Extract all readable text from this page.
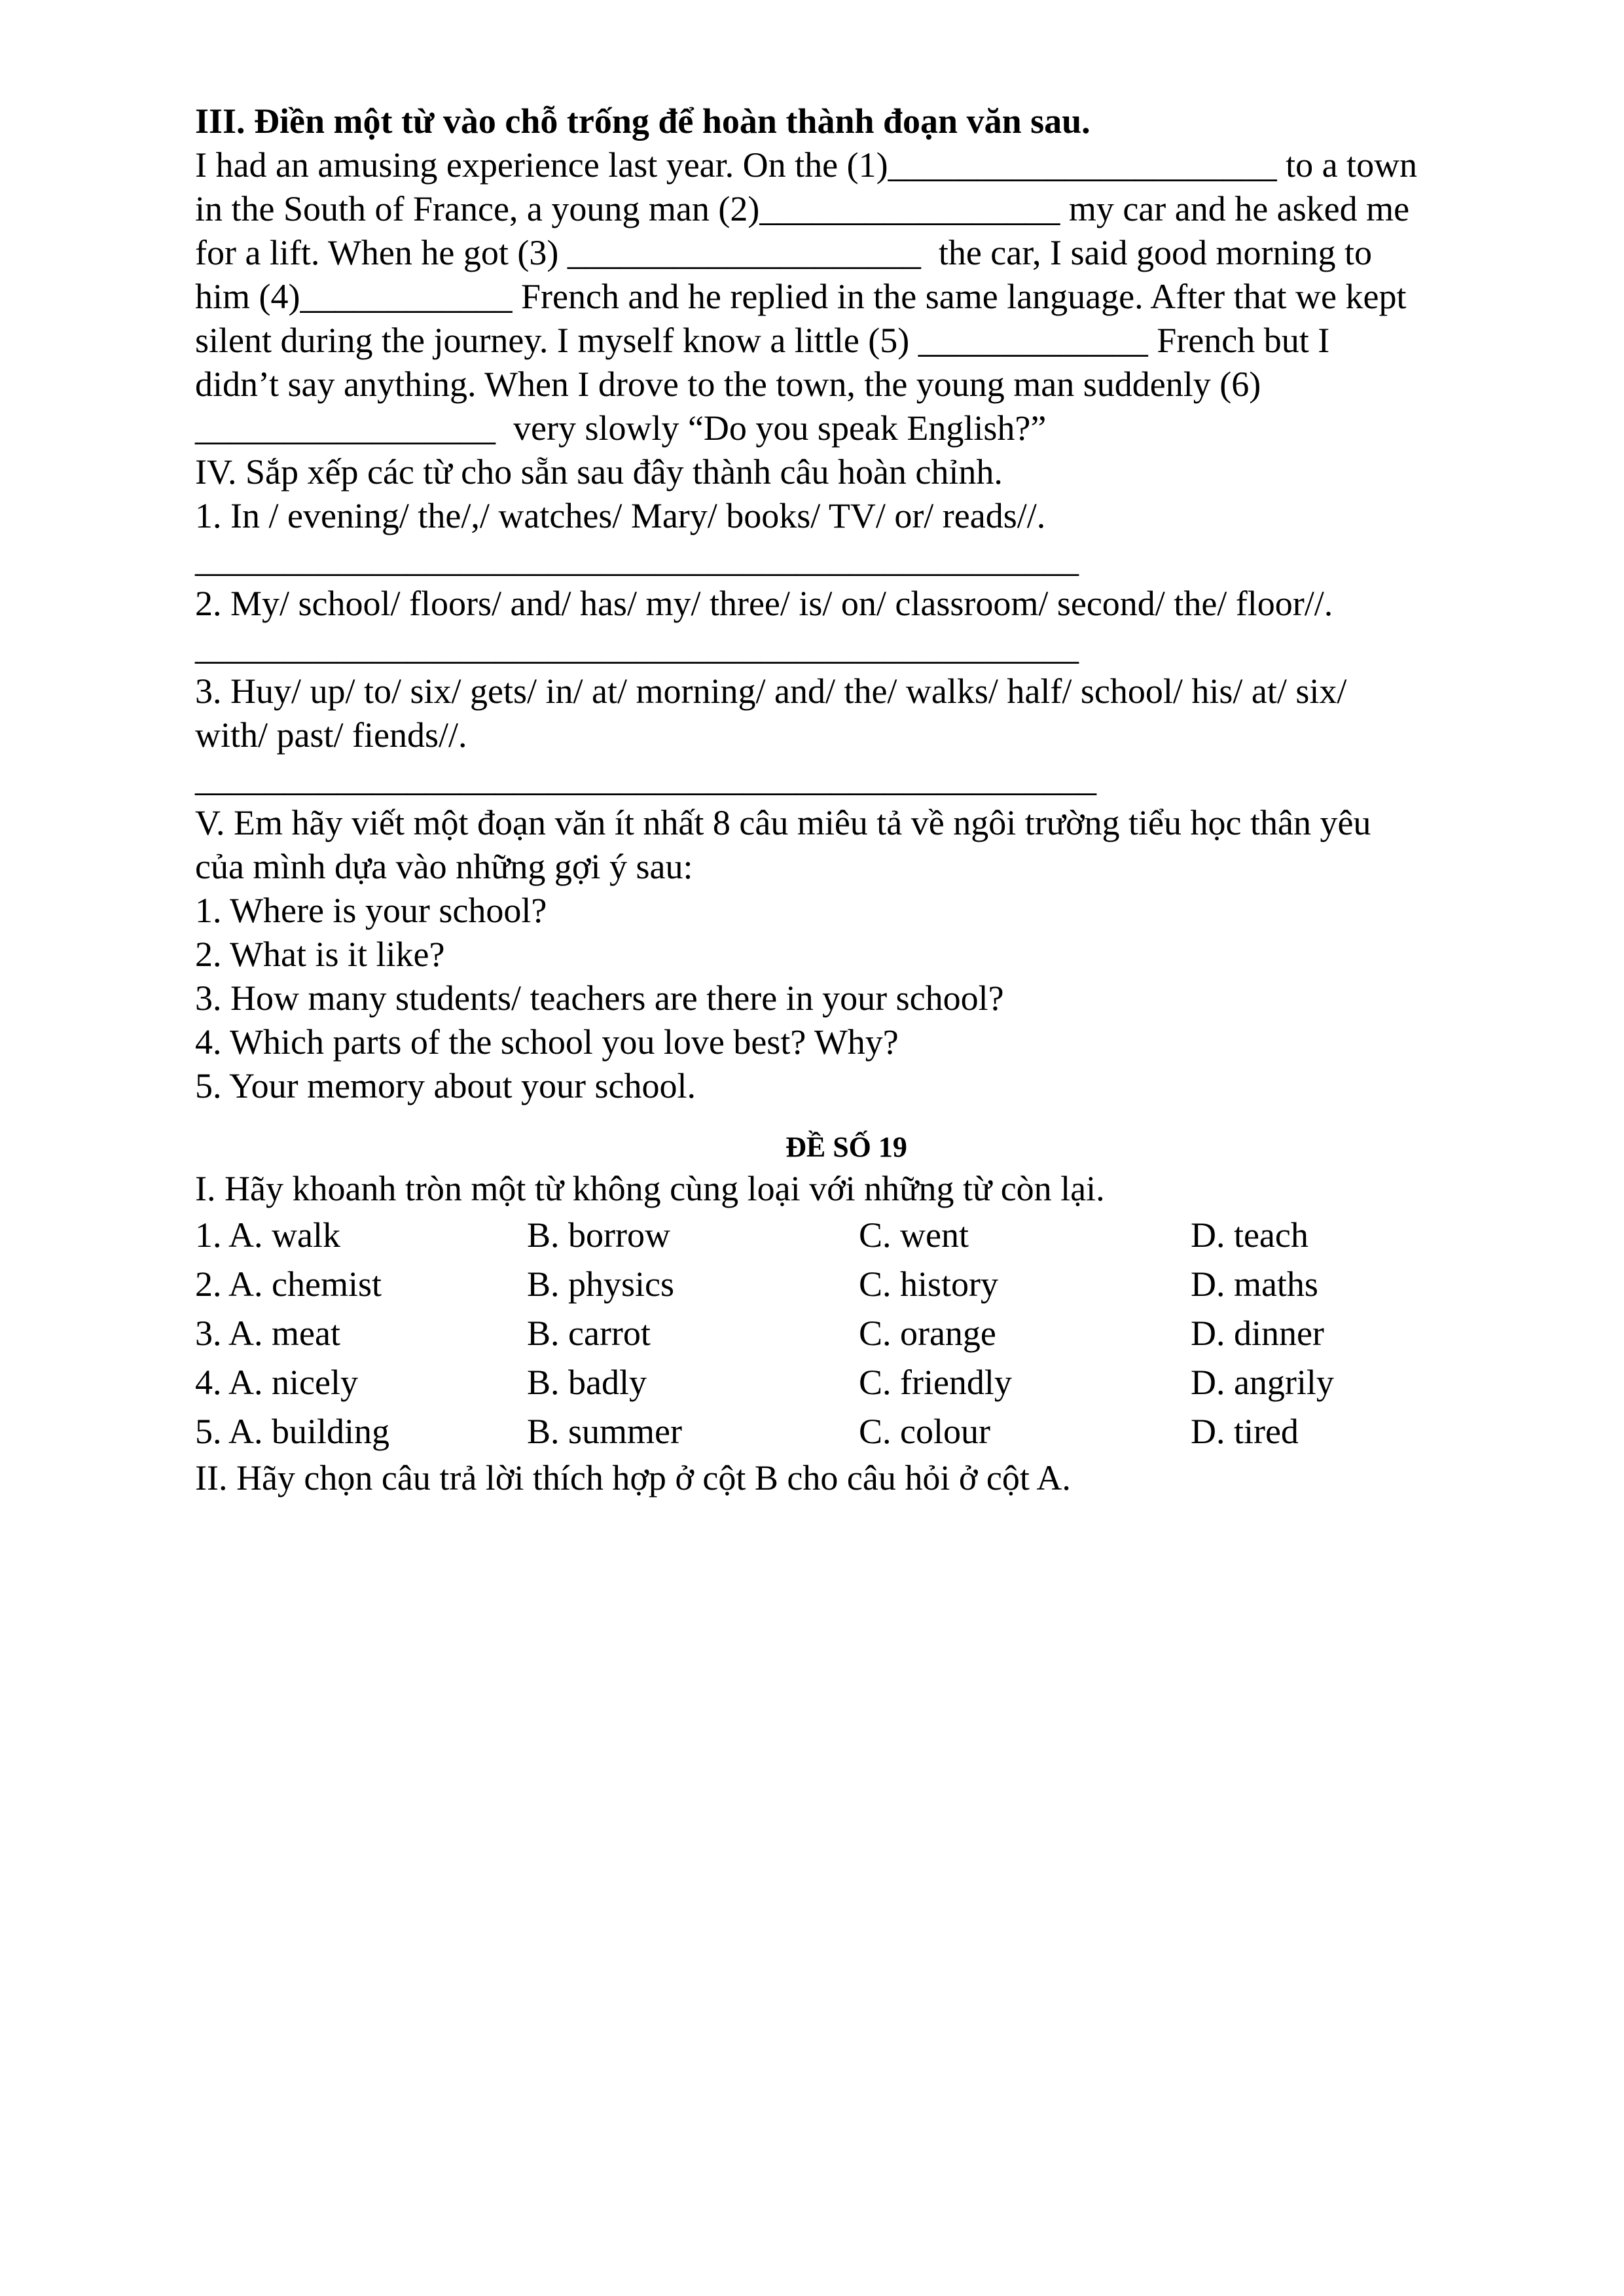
III. Điền một từ vào chỗ trống để hoàn thành đoạn văn sau.
I had an amusing experience last year. On the (1)______________________ to a town
in the South of France, a young man (2)_________________ my car and he asked me
for a lift. When he got (3) ____________________  the car, I said good morning to
him (4)____________ French and he replied in the same language. After that we kept
silent during the journey. I myself know a little (5) _____________ French but I
didn’t say anything. When I drove to the town, the young man suddenly (6)
_________________  very slowly “Do you speak English?”
IV. Sắp xếp các từ cho sẵn sau đây thành câu hoàn chỉnh.
1. In / evening/ the/,/ watches/ Mary/ books/ TV/ or/ reads//.
__________________________________________________
2. My/ school/ floors/ and/ has/ my/ three/ is/ on/ classroom/ second/ the/ floor//.
__________________________________________________
3. Huy/ up/ to/ six/ gets/ in/ at/ morning/ and/ the/ walks/ half/ school/ his/ at/ six/
with/ past/ fiends//.
___________________________________________________
V. Em hãy viết một đoạn văn ít nhất 8 câu miêu tả về ngôi trường tiểu học thân yêu
của mình dựa vào những gợi ý sau:
1. Where is your school?
2. What is it like?
3. How many students/ teachers are there in your school?
4. Which parts of the school you love best? Why?
5. Your memory about your school.
ĐỀ SỐ 19
I. Hãy khoanh tròn một từ không cùng loại với những từ còn lại.
1. A. walk	B. borrow	C. went	D. teach
2. A. chemist	B. physics	C. history	D. maths
3. A. meat	B. carrot	C. orange	D. dinner
4. A. nicely	B. badly	C. friendly	D. angrily
5. A. building	B. summer	C. colour	D. tired
II. Hãy chọn câu trả lời thích hợp ở cột B cho câu hỏi ở cột A.
